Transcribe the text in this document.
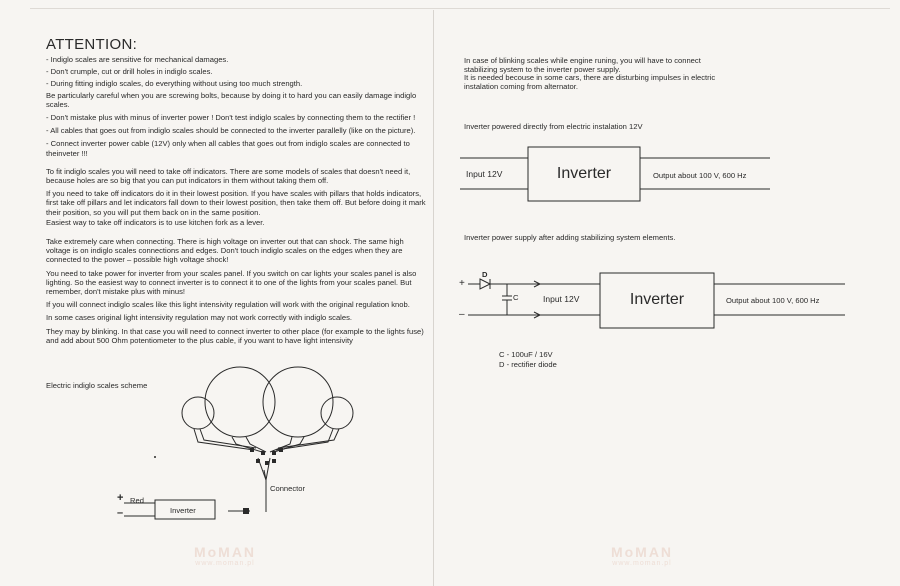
ATTENTION:

- Indiglo scales are sensitive for mechanical damages.

- Don't crumple, cut or drill holes in indiglo scales.

- During fitting indiglo scales, do everything without using too much strength.

Be particularly careful when you are screwing bolts, because by doing it to hard you can easily damage indiglo scales.

- Don't mistake plus with minus of inverter power ! Don't test indiglo scales by connecting them to the rectifier !

- All cables that goes out from indiglo scales should be connected to the inverter parallelly (like on the picture).

- Connect inverter power cable (12V) only when all cables that goes out from indiglo scales are connected to theinveter !!!

To fit indiglo scales you will need to take off indicators. There are some models of scales that doesn't need it, because holes are so big that you can put indicators in them without taking them off.

If you need to take off indicators do it in their lowest position. If you have scales with pillars that holds indicators, first take off pillars and let indicators fall down to their lowest position, then take them off. But before doing it mark their position, so you will put them back on in the same position.

Easiest way to take off indicators is to use kitchen fork as a lever.

Take extremely care when connecting. There is high voltage on inverter out that can shock. The same high voltage is on indiglo scales connections and edges. Don't touch indiglo scales on the edges when they are connected to the power – possible high voltage shock!

You need to take power for inverter from your scales panel. If you switch on car lights your scales panel is also lighting. So the easiest way to connect inverter is to connect it to one of the lights from your scales panel. But remember, don't mistake plus with minus!

If you will connect indiglo scales like this light intensivity regulation will work with the original regulation knob.

In some cases original light intensivity regulation may not work correctly with indiglo scales.

They may by blinking. In that case you will need to connect inverter to other place (for example to the lights fuse) and add about 500 Ohm potentiometer to the plus cable, if you want to have light intensivity

Electric indiglo scales scheme
Connector
+
–
Red
Inverter
MoMAN
www.moman.pl

In case of blinking scales while engine runing, you will have to connect

stabilizing system to the inverter power supply.

It is needed becouse in some cars, there are disturbing impulses in electric

instalation coming from alternator.

Inverter powered directly from electric instalation 12V
Input 12V	Inverter	Output about 100 V, 600 Hz
Inverter power supply after adding stabilizing system elements.
+
–
D
C	Input 12V	Inverter	Output about 100 V, 600 Hz
C - 100uF / 16V
D - rectifier diode
MoMAN
www.moman.pl
